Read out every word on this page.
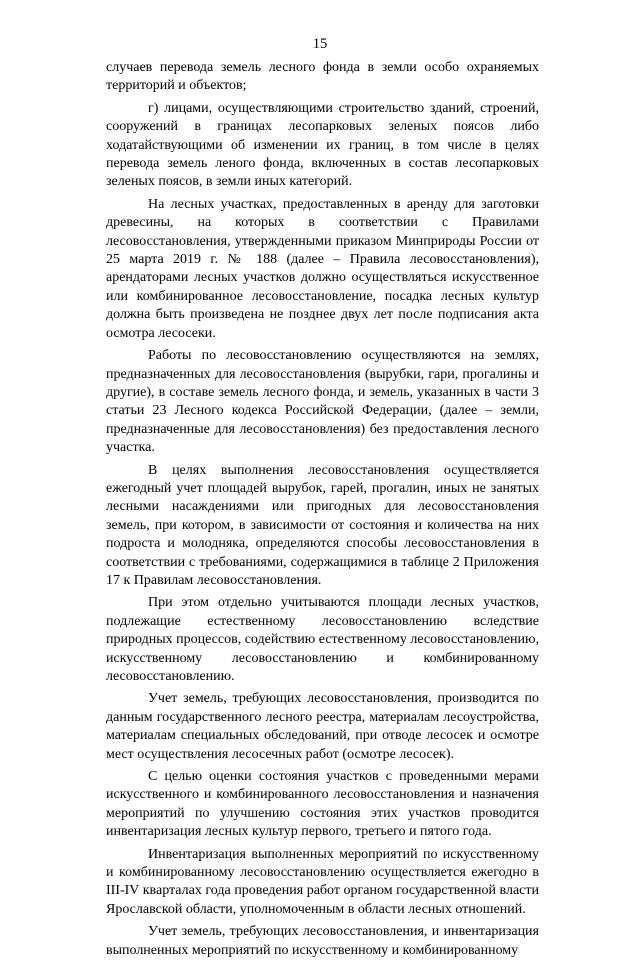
15

случаев перевода земель лесного фонда в земли особо охраняемых территорий и объектов;

г) лицами, осуществляющими строительство зданий, строений, сооружений в границах лесопарковых зеленых поясов либо ходатайствующими об изменении их границ, в том числе в целях перевода земель леного фонда, включенных в состав лесопарковых зеленых поясов, в земли иных категорий.

На лесных участках, предоставленных в аренду для заготовки древесины, на которых в соответствии с Правилами лесовосстановления, утвержденными приказом Минприроды России от 25 марта 2019 г. № 188 (далее – Правила лесовосстановления), арендаторами лесных участков должно осуществляться искусственное или комбинированное лесовосстановление, посадка лесных культур должна быть произведена не позднее двух лет после подписания акта осмотра лесосеки.

Работы по лесовосстановлению осуществляются на землях, предназначенных для лесовосстановления (вырубки, гари, прогалины и другие), в составе земель лесного фонда, и земель, указанных в части 3 статьи 23 Лесного кодекса Российской Федерации, (далее – земли, предназначенные для лесовосстановления) без предоставления лесного участка.

В целях выполнения лесовосстановления осуществляется ежегодный учет площадей вырубок, гарей, прогалин, иных не занятых лесными насаждениями или пригодных для лесовосстановления земель, при котором, в зависимости от состояния и количества на них подроста и молодняка, определяются способы лесовосстановления в соответствии с требованиями, содержащимися в таблице 2 Приложения 17 к Правилам лесовосстановления.

При этом отдельно учитываются площади лесных участков, подлежащие естественному лесовосстановлению вследствие природных процессов, содействию естественному лесовосстановлению, искусственному лесовосстановлению и комбинированному лесовосстановлению.

Учет земель, требующих лесовосстановления, производится по данным государственного лесного реестра, материалам лесоустройства, материалам специальных обследований, при отводе лесосек и осмотре мест осуществления лесосечных работ (осмотре лесосек).

С целью оценки состояния участков с проведенными мерами искусственного и комбинированного лесовосстановления и назначения мероприятий по улучшению состояния этих участков проводится инвентаризация лесных культур первого, третьего и пятого года.

Инвентаризация выполненных мероприятий по искусственному и комбинированному лесовосстановлению осуществляется ежегодно в III-IV кварталах года проведения работ органом государственной власти Ярославской области, уполномоченным в области лесных отношений.

Учет земель, требующих лесовосстановления, и инвентаризация выполненных мероприятий по искусственному и комбинированному
